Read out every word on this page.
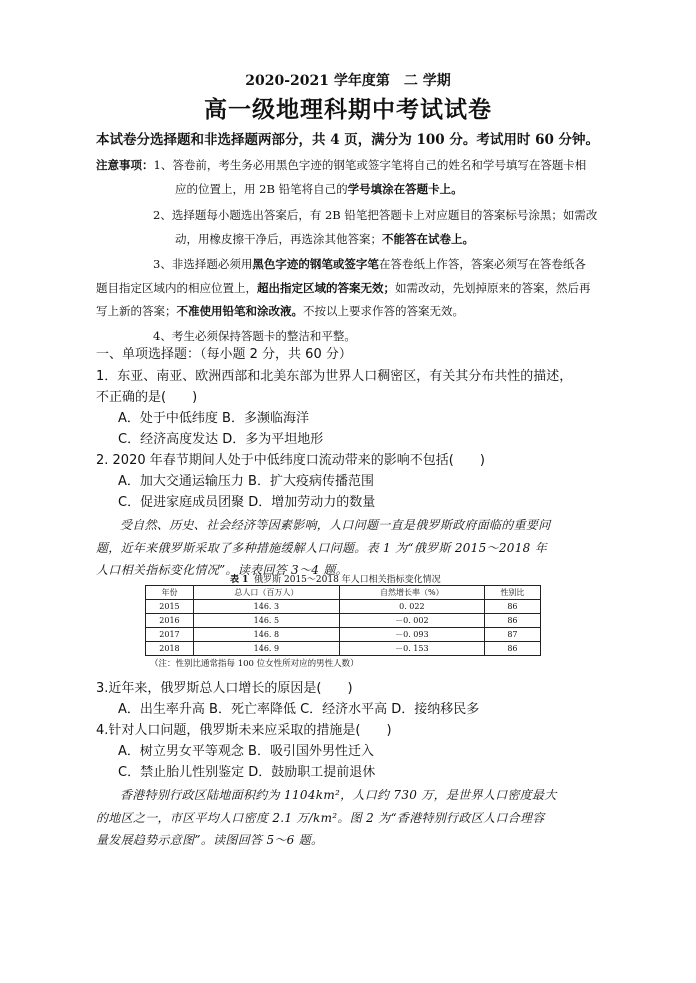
2020-2021 学年度第　二 学期
高一级地理科期中考试试卷
本试卷分选择题和非选择题两部分，共 4 页，满分为 100 分。考试用时 60 分钟。
注意事项：1、答卷前，考生务必用黑色字迹的钢笔或签字笔将自己的姓名和学号填写在答题卡相
应的位置上，用 2B 铅笔将自己的学号填涂在答题卡上。
2、选择题每小题选出答案后，有 2B 铅笔把答题卡上对应题目的答案标号涂黑；如需改
动，用橡皮擦干净后，再选涂其他答案；不能答在试卷上。
3、非选择题必须用黑色字迹的钢笔或签字笔在答卷纸上作答，答案必须写在答卷纸各
题目指定区域内的相应位置上，超出指定区域的答案无效；如需改动，先划掉原来的答案，然后再
写上新的答案；不准使用铅笔和涂改液。不按以上要求作答的答案无效。
4、考生必须保持答题卡的整洁和平整。
一、单项选择题：（每小题 2 分，共 60 分）
1．东亚、南亚、欧洲西部和北美东部为世界人口稠密区，有关其分布共性的描述，
不正确的是(　　)
A．处于中低纬度 B．多濒临海洋
C．经济高度发达 D．多为平坦地形
2. 2020 年春节期间人处于中低纬度口流动带来的影响不包括(　　)
A．加大交通运输压力 B．扩大疫病传播范围
C．促进家庭成员团聚 D．增加劳动力的数量
受自然、历史、社会经济等因素影响，人口问题一直是俄罗斯政府面临的重要问
题，近年来俄罗斯采取了多种措施缓解人口问题。表 1 为“俄罗斯 2015～2018 年
人口相关指标变化情况”。读表回答 3～4 题。
表 1 俄罗斯 2015～2018 年人口相关指标变化情况
年份	总人口（百万人）	自然增长率（%）	性别比
2015	146. 3	0. 022	86
2016	146. 5	－0. 002	86
2017	146. 8	－0. 093	87
2018	146. 9	－0. 153	86
（注：性别比通常指每 100 位女性所对应的男性人数）
3.近年来，俄罗斯总人口增长的原因是(　　)
A．出生率升高 B．死亡率降低 C．经济水平高 D．接纳移民多
4.针对人口问题，俄罗斯未来应采取的措施是(　　)
A．树立男女平等观念 B．吸引国外男性迁入
C．禁止胎儿性别鉴定 D．鼓励职工提前退休
香港特别行政区陆地面积约为 1104km²，人口约 730 万，是世界人口密度最大
的地区之一，市区平均人口密度 2.1 万/km²。图 2 为“香港特别行政区人口合理容
量发展趋势示意图”。读图回答 5～6 题。
